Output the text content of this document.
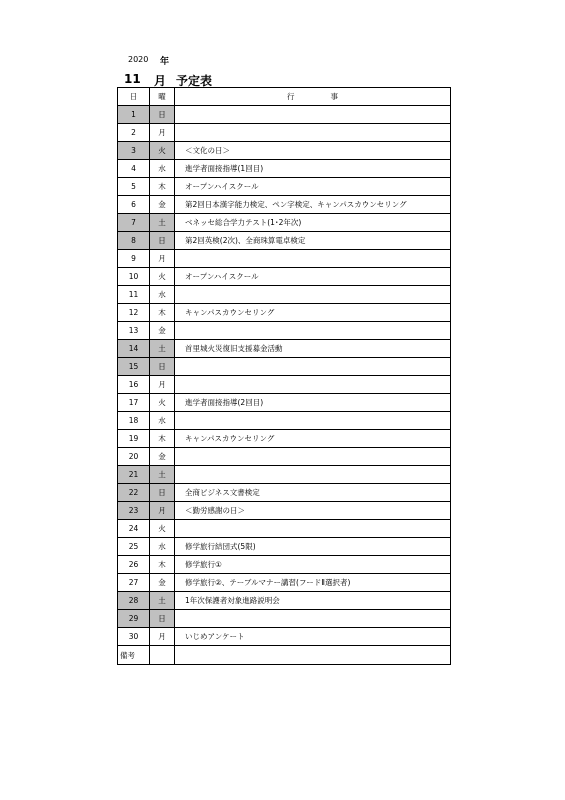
2020 年
11 月 予定表
日	曜	行 事
1	日	
2	月	
3	火	＜文化の日＞
4	水	進学者面接指導(1回目)
5	木	オープンハイスクール
6	金	第2回日本漢字能力検定、ペン字検定、キャンパスカウンセリング
7	土	ベネッセ総合学力テスト(1･2年次)
8	日	第2回英検(2次)、全商珠算電卓検定
9	月	
10	火	オープンハイスクール
11	水	
12	木	キャンパスカウンセリング
13	金	
14	土	首里城火災復旧支援募金活動
15	日	
16	月	
17	火	進学者面接指導(2回目)
18	水	
19	木	キャンパスカウンセリング
20	金	
21	土	
22	日	全商ビジネス文書検定
23	月	＜勤労感謝の日＞
24	火	
25	水	修学旅行結団式(5限)
26	木	修学旅行①
27	金	修学旅行②、テーブルマナー講習(フードⅡ選択者)
28	土	1年次保護者対象進路説明会
29	日	
30	月	いじめアンケート
備考		
